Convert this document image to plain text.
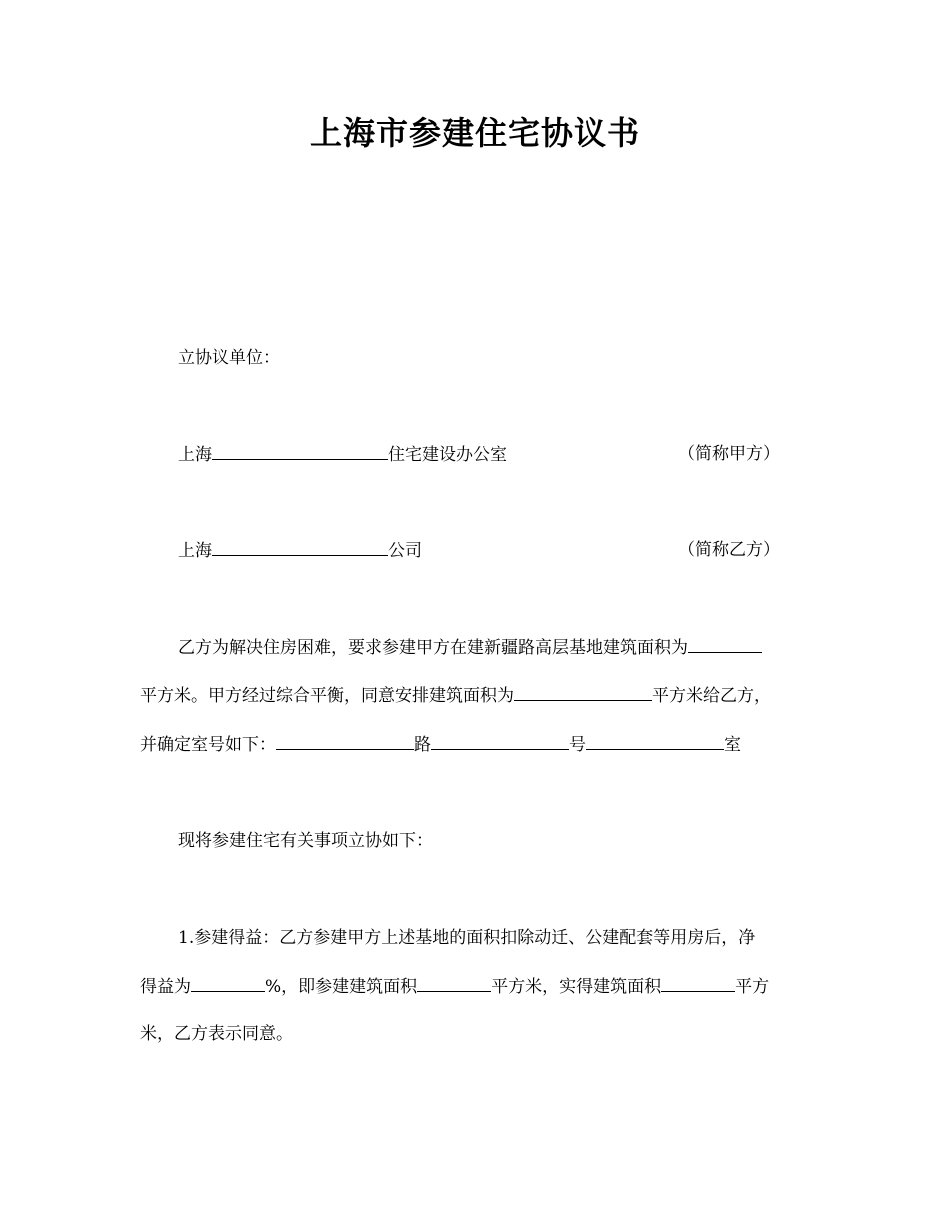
上海市参建住宅协议书
立协议单位：
上海	住宅建设办公室	（简称甲方）
上海	公司	（简称乙方）
乙方为解决住房困难，要求参建甲方在建新疆路高层基地建筑面积为
平方米。甲方经过综合平衡，同意安排建筑面积为	平方米给乙方，
并确定室号如下：	路	号	室
现将参建住宅有关事项立协如下：
1.参建得益：乙方参建甲方上述基地的面积扣除动迁、公建配套等用房后，净
得益为	%，即参建建筑面积	平方米，实得建筑面积	平方
米，乙方表示同意。
